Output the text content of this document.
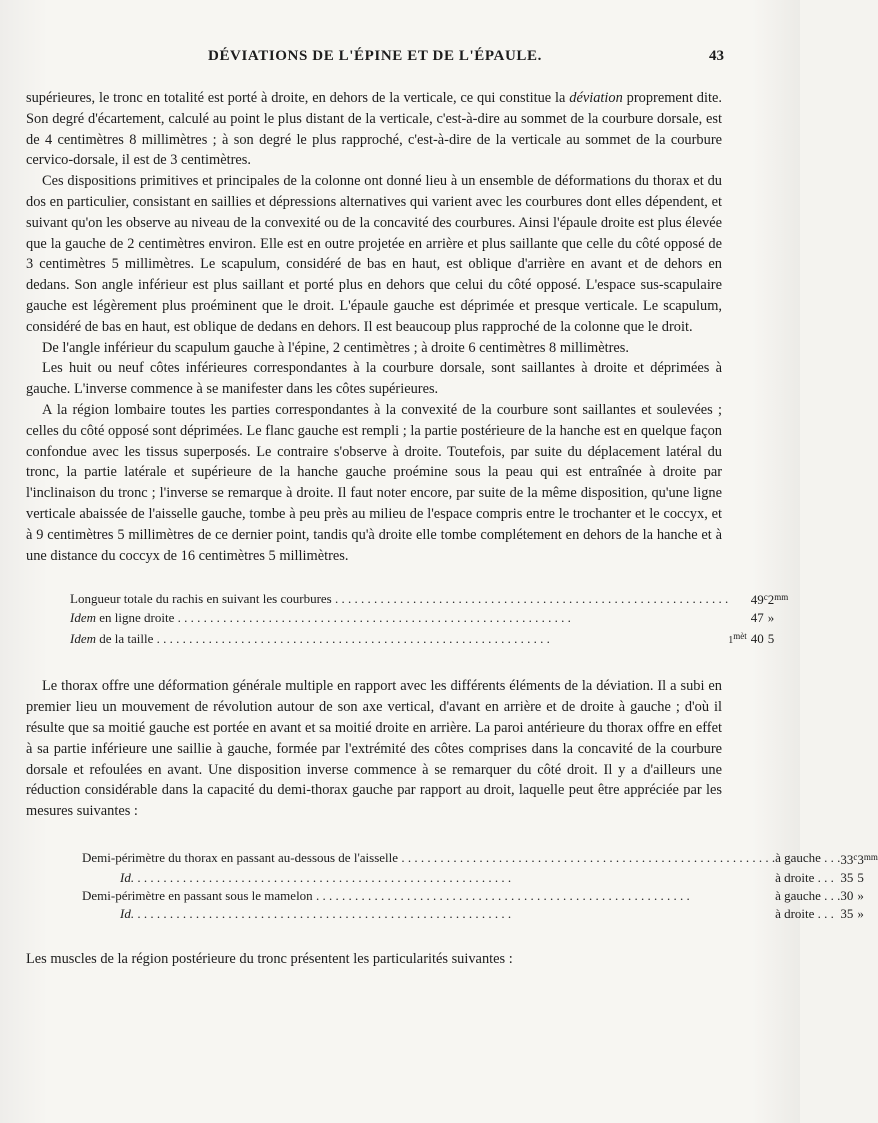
DÉVIATIONS DE L'ÉPINE ET DE L'ÉPAULE.	43

supérieures, le tronc en totalité est porté à droite, en dehors de la verticale, ce qui constitue la déviation proprement dite. Son degré d'écartement, calculé au point le plus distant de la verticale, c'est-à-dire au sommet de la courbure dorsale, est de 4 centimètres 8 millimètres ; à son degré le plus rapproché, c'est-à-dire de la verticale au sommet de la courbure cervico-dorsale, il est de 3 centimètres.

Ces dispositions primitives et principales de la colonne ont donné lieu à un ensemble de déformations du thorax et du dos en particulier, consistant en saillies et dépressions alternatives qui varient avec les courbures dont elles dépendent, et suivant qu'on les observe au niveau de la convexité ou de la concavité des courbures. Ainsi l'épaule droite est plus élevée que la gauche de 2 centimètres environ. Elle est en outre projetée en arrière et plus saillante que celle du côté opposé de 3 centimètres 5 millimètres. Le scapulum, considéré de bas en haut, est oblique d'arrière en avant et de dehors en dedans. Son angle inférieur est plus saillant et porté plus en dehors que celui du côté opposé. L'espace sus-scapulaire gauche est légèrement plus proéminent que le droit. L'épaule gauche est déprimée et presque verticale. Le scapulum, considéré de bas en haut, est oblique de dedans en dehors. Il est beaucoup plus rapproché de la colonne que le droit.

De l'angle inférieur du scapulum gauche à l'épine, 2 centimètres ; à droite 6 centimètres 8 millimètres.

Les huit ou neuf côtes inférieures correspondantes à la courbure dorsale, sont saillantes à droite et déprimées à gauche. L'inverse commence à se manifester dans les côtes supérieures.

A la région lombaire toutes les parties correspondantes à la convexité de la courbure sont saillantes et soulevées ; celles du côté opposé sont déprimées. Le flanc gauche est rempli ; la partie postérieure de la hanche est en quelque façon confondue avec les tissus superposés. Le contraire s'observe à droite. Toutefois, par suite du déplacement latéral du tronc, la partie latérale et supérieure de la hanche gauche proémine sous la peau qui est entraînée à droite par l'inclinaison du tronc ; l'inverse se remarque à droite. Il faut noter encore, par suite de la même disposition, qu'une ligne verticale abaissée de l'aisselle gauche, tombe à peu près au milieu de l'espace compris entre le trochanter et le coccyx, et à 9 centimètres 5 millimètres de ce dernier point, tandis qu'à droite elle tombe complétement en dehors de la hanche et à une distance du coccyx de 16 centimètres 5 millimètres.

Longueur totale du rachis en suivant les courbures . . .		49$^c$	$2^{mm}$
Idem en ligne droite . . .		47	»
Idem de la taille . . .	$1^{mèt}$	40	5

Le thorax offre une déformation générale multiple en rapport avec les différents éléments de la déviation. Il a subi en premier lieu un mouvement de révolution autour de son axe vertical, d'avant en arrière et de droite à gauche ; d'où il résulte que sa moitié gauche est portée en avant et sa moitié droite en arrière. La paroi antérieure du thorax offre en effet à sa partie inférieure une saillie à gauche, formée par l'extrémité des côtes comprises dans la concavité de la courbure dorsale et refoulées en avant. Une disposition inverse commence à se remarquer du côté droit. Il y a d'ailleurs une réduction considérable dans la capacité du demi-thorax gauche par rapport au droit, laquelle peut être appréciée par les mesures suivantes :

Demi-périmètre du thorax en passant au-dessous de l'aisselle . . .	à gauche . . .	33$^c$	$3^{mm}$
Id. . . .	à droite . . .	35	5
Demi-périmètre en passant sous le mamelon . . .	à gauche . . .	30	»
Id. . . .	à droite . . .	35	»

Les muscles de la région postérieure du tronc présentent les particularités suivantes :
